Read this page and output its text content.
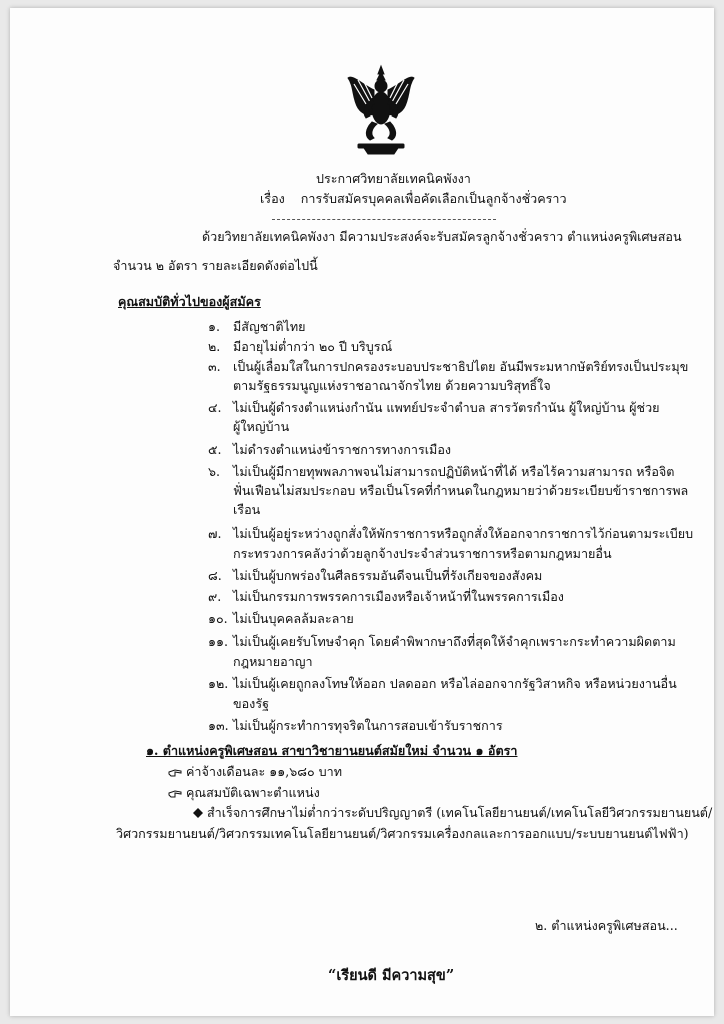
ประกาศวิทยาลัยเทคนิคพังงา
เรื่อง การรับสมัครบุคคลเพื่อคัดเลือกเป็นลูกจ้างชั่วคราว
ด้วยวิทยาลัยเทคนิคพังงา มีความประสงค์จะรับสมัครลูกจ้างชั่วคราว ตำแหน่งครูพิเศษสอน
จำนวน ๒ อัตรา รายละเอียดดังต่อไปนี้
คุณสมบัติทั่วไปของผู้สมัคร
๑. มีสัญชาติไทย
๒. มีอายุไม่ต่ำกว่า ๒๐ ปี บริบูรณ์
๓. เป็นผู้เลื่อมใสในการปกครองระบอบประชาธิปไตย อันมีพระมหากษัตริย์ทรงเป็นประมุข
ตามรัฐธรรมนูญแห่งราชอาณาจักรไทย ด้วยความบริสุทธิ์ใจ
๔. ไม่เป็นผู้ดำรงตำแหน่งกำนัน แพทย์ประจำตำบล สารวัตรกำนัน ผู้ใหญ่บ้าน ผู้ช่วย
ผู้ใหญ่บ้าน
๕. ไม่ดำรงตำแหน่งข้าราชการทางการเมือง
๖. ไม่เป็นผู้มีกายทุพพลภาพจนไม่สามารถปฏิบัติหน้าที่ได้ หรือไร้ความสามารถ หรือจิต
ฟั่นเฟือนไม่สมประกอบ หรือเป็นโรคที่กำหนดในกฎหมายว่าด้วยระเบียบข้าราชการพล
เรือน
๗. ไม่เป็นผู้อยู่ระหว่างถูกสั่งให้พักราชการหรือถูกสั่งให้ออกจากราชการไว้ก่อนตามระเบียบ
กระทรวงการคลังว่าด้วยลูกจ้างประจำส่วนราชการหรือตามกฎหมายอื่น
๘. ไม่เป็นผู้บกพร่องในศีลธรรมอันดีจนเป็นที่รังเกียจของสังคม
๙. ไม่เป็นกรรมการพรรคการเมืองหรือเจ้าหน้าที่ในพรรคการเมือง
๑๐. ไม่เป็นบุคคลล้มละลาย
๑๑. ไม่เป็นผู้เคยรับโทษจำคุก โดยคำพิพากษาถึงที่สุดให้จำคุกเพราะกระทำความผิดตาม
กฎหมายอาญา
๑๒. ไม่เป็นผู้เคยถูกลงโทษให้ออก ปลดออก หรือไล่ออกจากรัฐวิสาหกิจ หรือหน่วยงานอื่น
ของรัฐ
๑๓. ไม่เป็นผู้กระทำการทุจริตในการสอบเข้ารับราชการ
๑. ตำแหน่งครูพิเศษสอน สาขาวิชายานยนต์สมัยใหม่ จำนวน ๑ อัตรา
ค่าจ้างเดือนละ ๑๑,๖๘๐ บาท
คุณสมบัติเฉพาะตำแหน่ง
สำเร็จการศึกษาไม่ต่ำกว่าระดับปริญญาตรี (เทคโนโลยียานยนต์/เทคโนโลยีวิศวกรรมยานยนต์/
วิศวกรรมยานยนต์/วิศวกรรมเทคโนโลยียานยนต์/วิศวกรรมเครื่องกลและการออกแบบ/ระบบยานยนต์ไฟฟ้า)
๒. ตำแหน่งครูพิเศษสอน...
“เรียนดี มีความสุข”
